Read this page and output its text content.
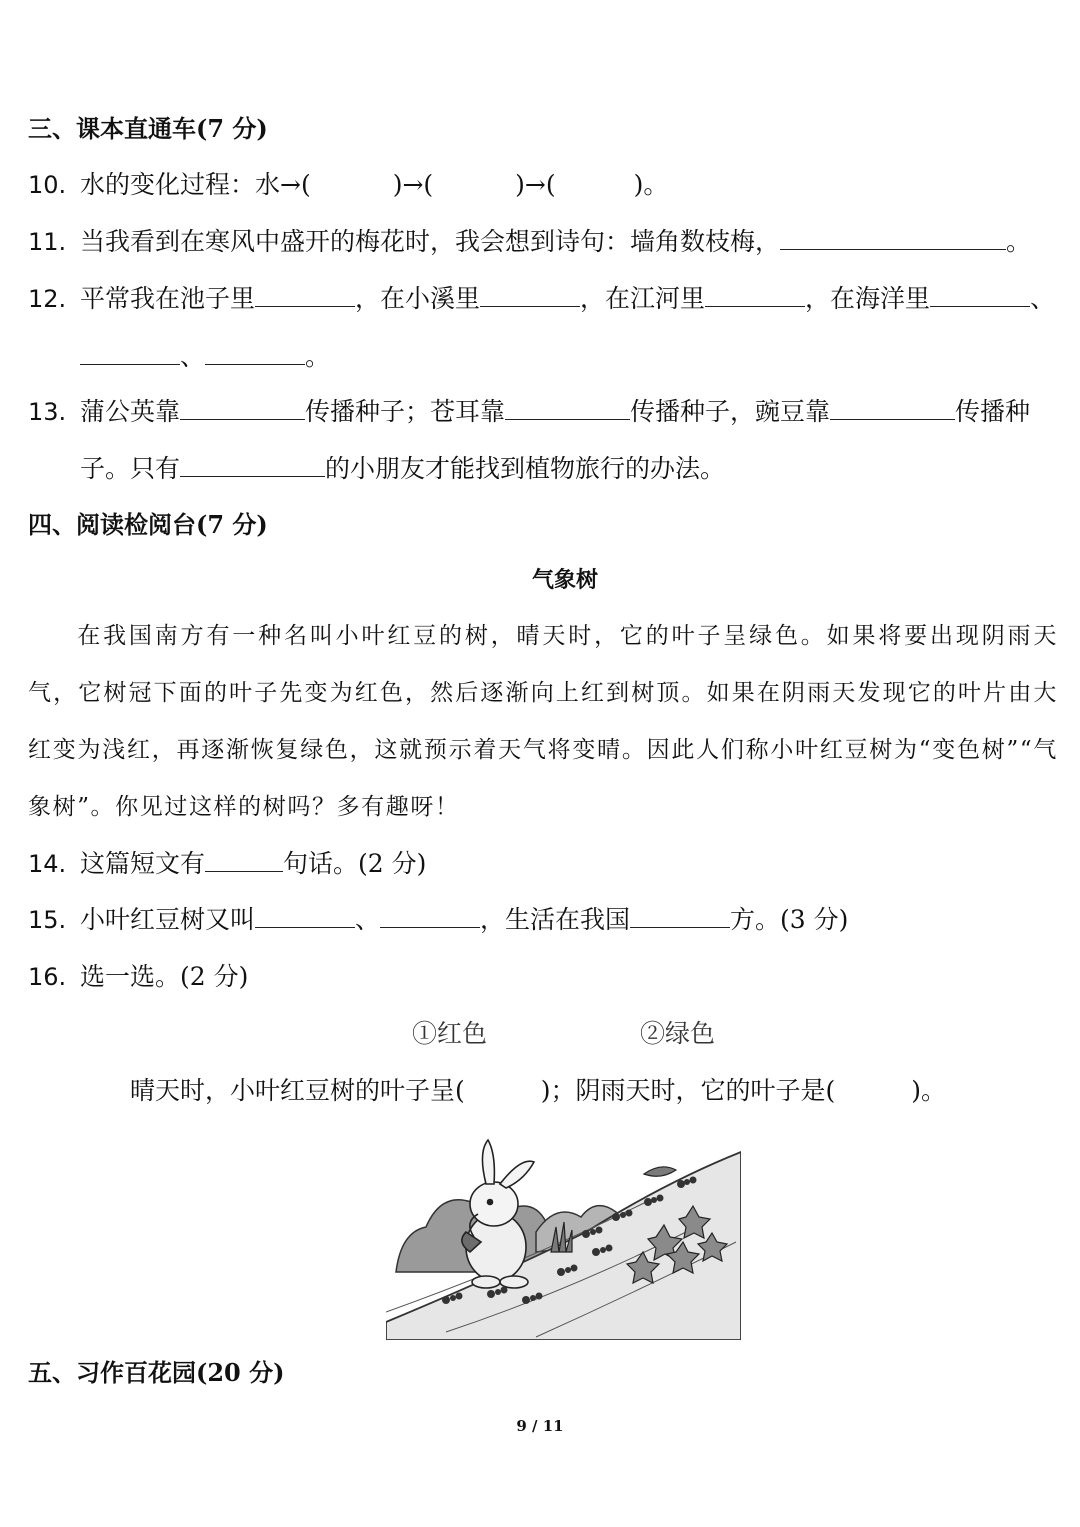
三、课本直通车(7 分)
10. 水的变化过程：水→(	)→(	)→(	)。
11. 当我看到在寒风中盛开的梅花时，我会想到诗句：墙角数枝梅，	。
12. 平常我在池子里	，在小溪里	，在江河里	，在海洋里	、
、	。
13. 蒲公英靠	传播种子；苍耳靠	传播种子，豌豆靠	传播种
子。只有	的小朋友才能找到植物旅行的办法。
四、阅读检阅台(7 分)
气象树
在我国南方有一种名叫小叶红豆的树，晴天时，它的叶子呈绿色。如果将要出现阴雨天气，它树冠下面的叶子先变为红色，然后逐渐向上红到树顶。如果在阴雨天发现它的叶片由大红变为浅红，再逐渐恢复绿色，这就预示着天气将变晴。因此人们称小叶红豆树为“变色树”“气象树”。你见过这样的树吗？多有趣呀！
14. 这篇短文有	句话。(2 分)
15. 小叶红豆树又叫	、	，生活在我国	方。(3 分)
16. 选一选。(2 分)
①红色	②绿色
晴天时，小叶红豆树的叶子呈(	)；阴雨天时，它的叶子是(	)。
五、习作百花园(20 分)
9 / 11
